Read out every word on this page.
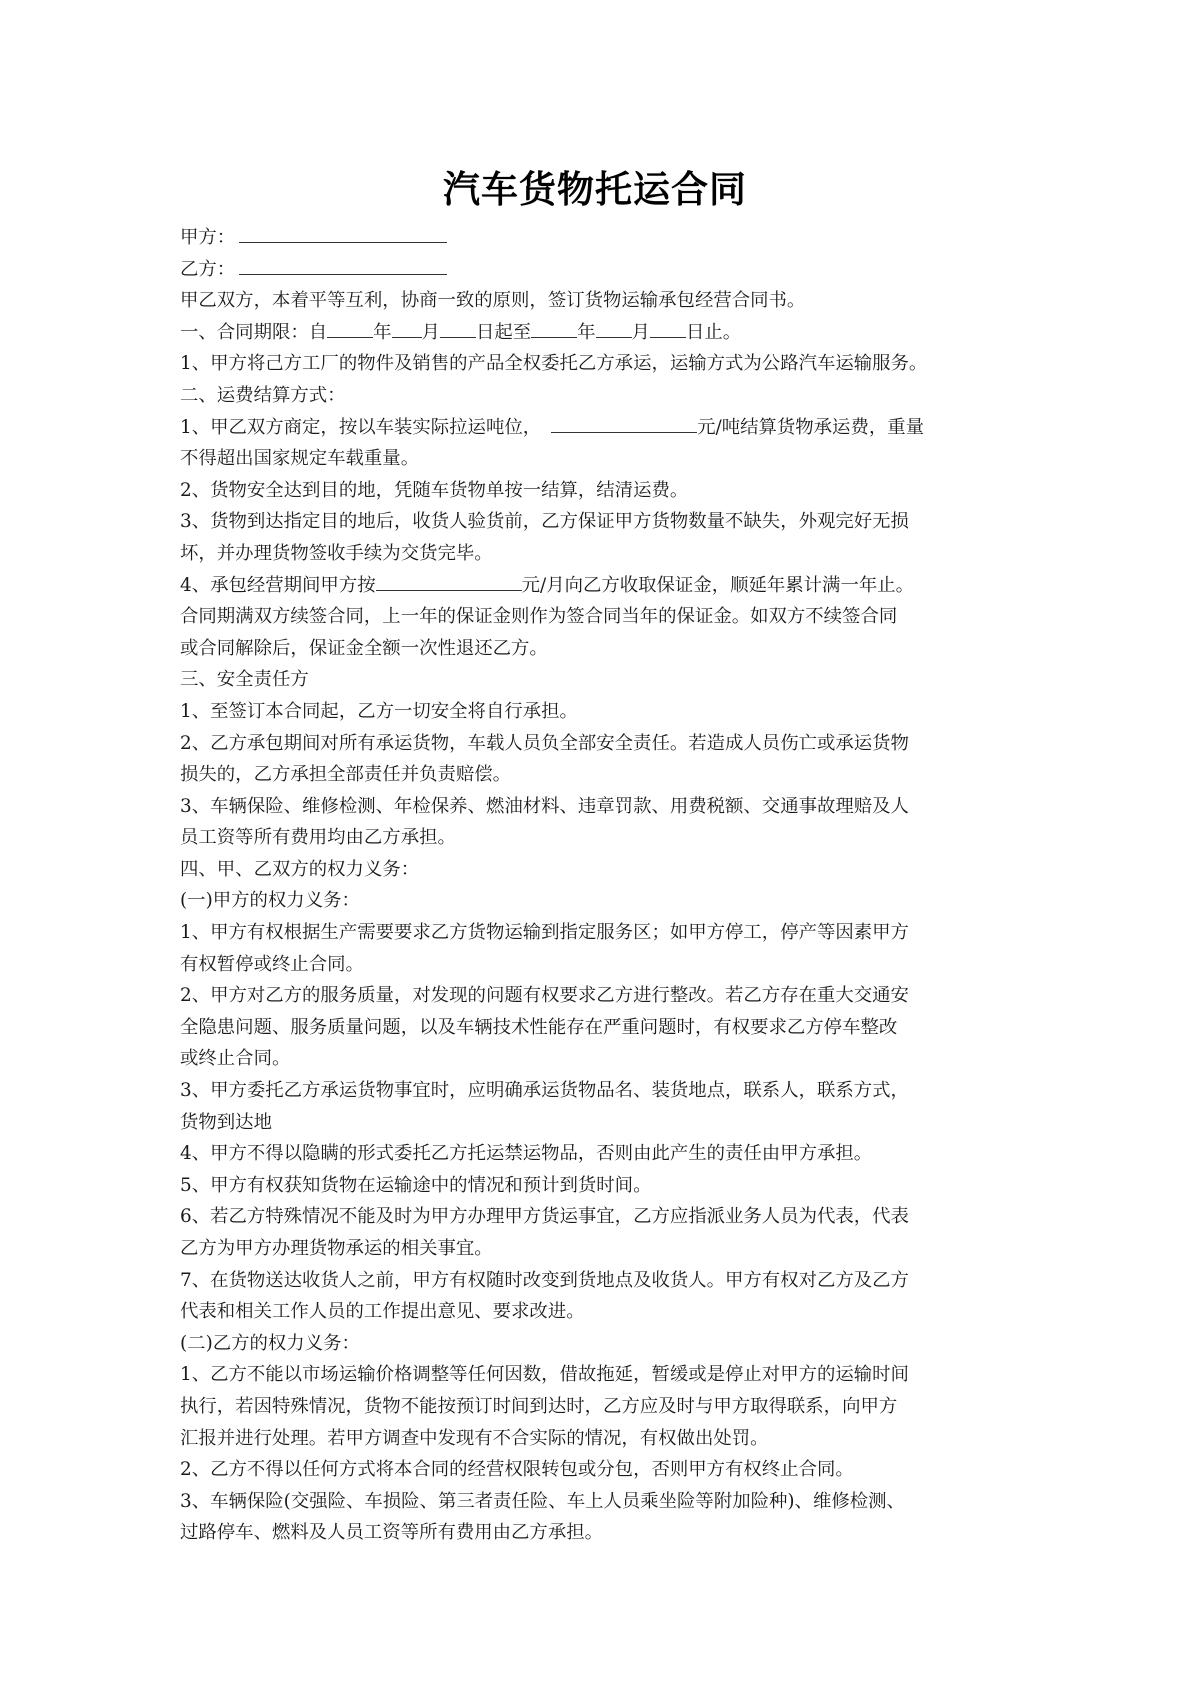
汽车货物托运合同
甲方：
乙方：
甲乙双方，本着平等互利，协商一致的原则，签订货物运输承包经营合同书。
一、合同期限：自	年 月 日起至	年 月 日止。
1、甲方将己方工厂的物件及销售的产品全权委托乙方承运，运输方式为公路汽车运输服务。
二、运费结算方式：
1、甲乙双方商定，按以车装实际拉运吨位，	元/吨结算货物承运费，重量
不得超出国家规定车载重量。
2、货物安全达到目的地，凭随车货物单按一结算，结清运费。
3、货物到达指定目的地后，收货人验货前，乙方保证甲方货物数量不缺失，外观完好无损
坏，并办理货物签收手续为交货完毕。
4、承包经营期间甲方按	元/月向乙方收取保证金，顺延年累计满一年止。
合同期满双方续签合同，上一年的保证金则作为签合同当年的保证金。如双方不续签合同
或合同解除后，保证金全额一次性退还乙方。
三、安全责任方
1、至签订本合同起，乙方一切安全将自行承担。
2、乙方承包期间对所有承运货物，车载人员负全部安全责任。若造成人员伤亡或承运货物
损失的，乙方承担全部责任并负责赔偿。
3、车辆保险、维修检测、年检保养、燃油材料、违章罚款、用费税额、交通事故理赔及人
员工资等所有费用均由乙方承担。
四、甲、乙双方的权力义务：
(一)甲方的权力义务：
1、甲方有权根据生产需要要求乙方货物运输到指定服务区；如甲方停工，停产等因素甲方
有权暂停或终止合同。
2、甲方对乙方的服务质量，对发现的问题有权要求乙方进行整改。若乙方存在重大交通安
全隐患问题、服务质量问题，以及车辆技术性能存在严重问题时，有权要求乙方停车整改
或终止合同。
3、甲方委托乙方承运货物事宜时，应明确承运货物品名、装货地点，联系人，联系方式，
货物到达地
4、甲方不得以隐瞒的形式委托乙方托运禁运物品，否则由此产生的责任由甲方承担。
5、甲方有权获知货物在运输途中的情况和预计到货时间。
6、若乙方特殊情况不能及时为甲方办理甲方货运事宜，乙方应指派业务人员为代表，代表
乙方为甲方办理货物承运的相关事宜。
7、在货物送达收货人之前，甲方有权随时改变到货地点及收货人。甲方有权对乙方及乙方
代表和相关工作人员的工作提出意见、要求改进。
(二)乙方的权力义务：
1、乙方不能以市场运输价格调整等任何因数，借故拖延，暂缓或是停止对甲方的运输时间
执行，若因特殊情况，货物不能按预订时间到达时，乙方应及时与甲方取得联系，向甲方
汇报并进行处理。若甲方调查中发现有不合实际的情况，有权做出处罚。
2、乙方不得以任何方式将本合同的经营权限转包或分包，否则甲方有权终止合同。
3、车辆保险(交强险、车损险、第三者责任险、车上人员乘坐险等附加险种)、维修检测、
过路停车、燃料及人员工资等所有费用由乙方承担。
